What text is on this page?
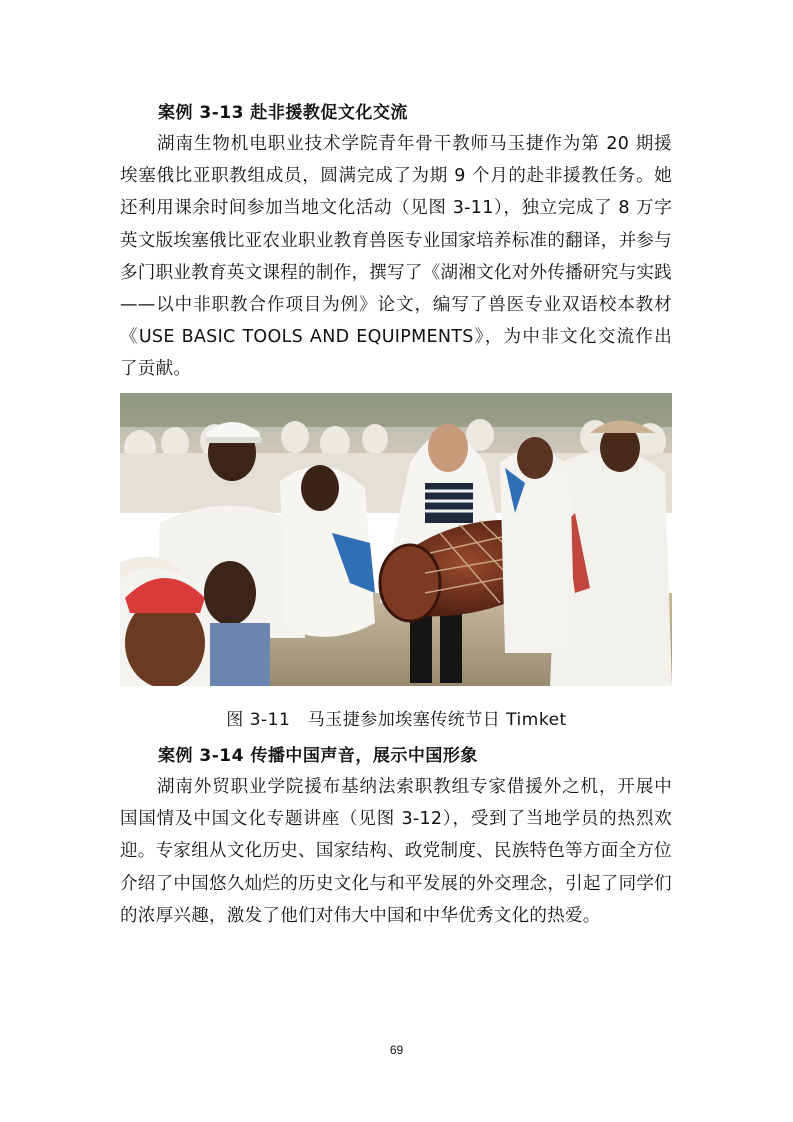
案例 3-13 赴非援教促文化交流

湖南生物机电职业技术学院青年骨干教师马玉捷作为第 20 期援埃塞俄比亚职教组成员，圆满完成了为期 9 个月的赴非援教任务。她还利用课余时间参加当地文化活动（见图 3-11），独立完成了 8 万字英文版埃塞俄比亚农业职业教育兽医专业国家培养标准的翻译，并参与多门职业教育英文课程的制作，撰写了《湖湘文化对外传播研究与实践——以中非职教合作项目为例》论文，编写了兽医专业双语校本教材《USE BASIC TOOLS AND EQUIPMENTS》，为中非文化交流作出了贡献。

图 3-11　马玉捷参加埃塞传统节日 Timket
案例 3-14 传播中国声音，展示中国形象

湖南外贸职业学院援布基纳法索职教组专家借援外之机，开展中国国情及中国文化专题讲座（见图 3-12），受到了当地学员的热烈欢迎。专家组从文化历史、国家结构、政党制度、民族特色等方面全方位介绍了中国悠久灿烂的历史文化与和平发展的外交理念，引起了同学们的浓厚兴趣，激发了他们对伟大中国和中华优秀文化的热爱。

69
